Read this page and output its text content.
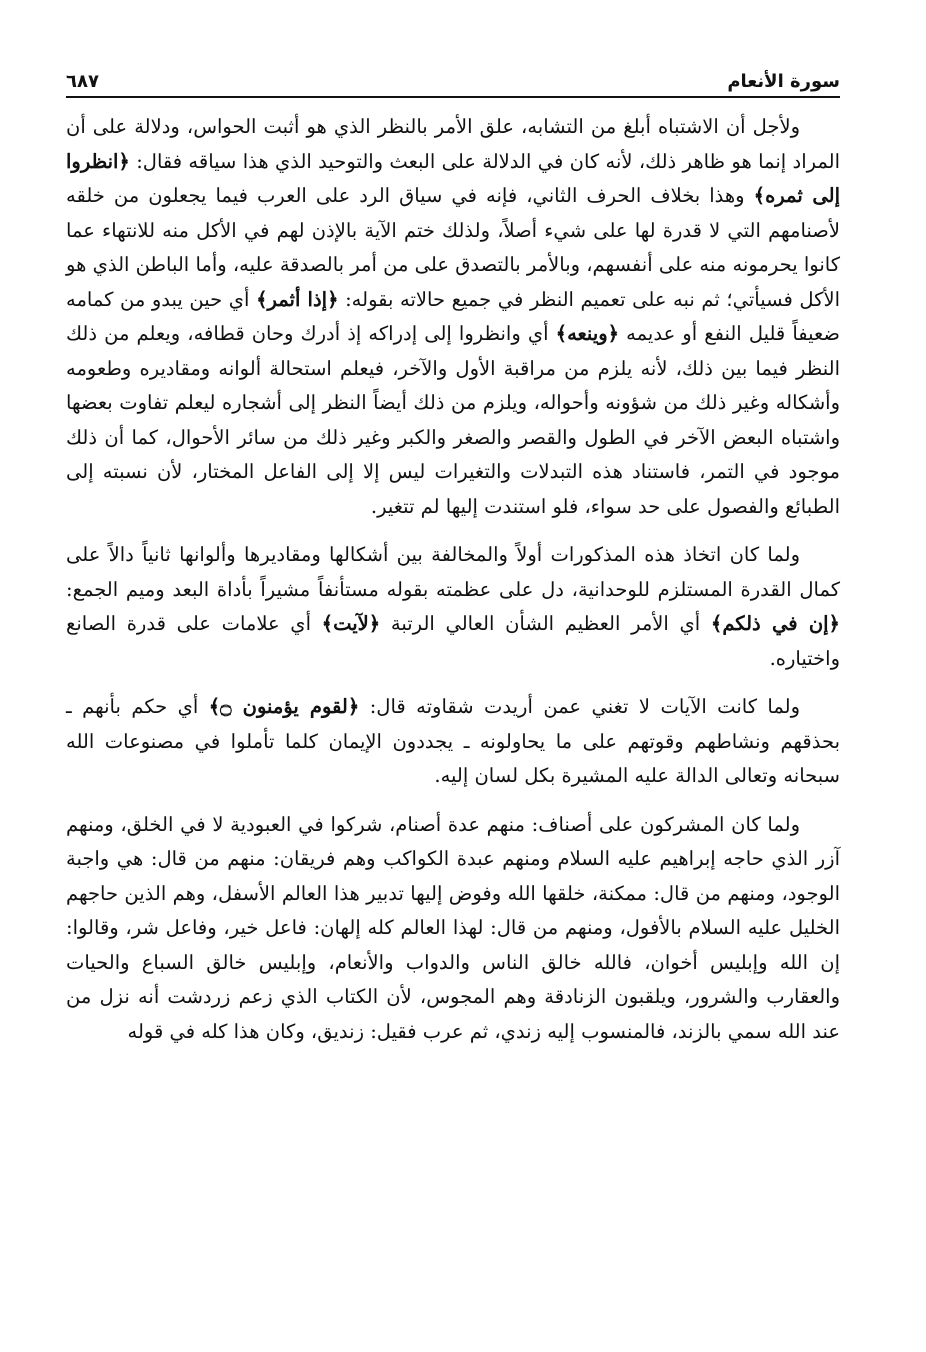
سورة الأنعام
٦٨٧

ولأجل أن الاشتباه أبلغ من التشابه، علق الأمر بالنظر الذي هو أثبت الحواس، ودلالة على أن المراد إنما هو ظاهر ذلك، لأنه كان في الدلالة على البعث والتوحيد الذي هذا سياقه فقال: ﴿انظروا إلى ثمره﴾ وهذا بخلاف الحرف الثاني، فإنه في سياق الرد على العرب فيما يجعلون من خلقه لأصنامهم التي لا قدرة لها على شيء أصلاً، ولذلك ختم الآية بالإذن لهم في الأكل منه للانتهاء عما كانوا يحرمونه منه على أنفسهم، وبالأمر بالتصدق على من أمر بالصدقة عليه، وأما الباطن الذي هو الأكل فسيأتي؛ ثم نبه على تعميم النظر في جميع حالاته بقوله: ﴿إذا أثمر﴾ أي حين يبدو من كمامه ضعيفاً قليل النفع أو عديمه ﴿وينعه﴾ أي وانظروا إلى إدراكه إذ أدرك وحان قطافه، ويعلم من ذلك النظر فيما بين ذلك، لأنه يلزم من مراقبة الأول والآخر، فيعلم استحالة ألوانه ومقاديره وطعومه وأشكاله وغير ذلك من شؤونه وأحواله، ويلزم من ذلك أيضاً النظر إلى أشجاره ليعلم تفاوت بعضها واشتباه البعض الآخر في الطول والقصر والصغر والكبر وغير ذلك من سائر الأحوال، كما أن ذلك موجود في التمر، فاستناد هذه التبدلات والتغيرات ليس إلا إلى الفاعل المختار، لأن نسبته إلى الطبائع والفصول على حد سواء، فلو استندت إليها لم تتغير.

ولما كان اتخاذ هذه المذكورات أولاً والمخالفة بين أشكالها ومقاديرها وألوانها ثانياً دالاً على كمال القدرة المستلزم للوحدانية، دل على عظمته بقوله مستأنفاً مشيراً بأداة البعد وميم الجمع: ﴿إن في ذلكم﴾ أي الأمر العظيم الشأن العالي الرتبة ﴿لآيت﴾ أي علامات على قدرة الصانع واختياره.

ولما كانت الآيات لا تغني عمن أريدت شقاوته قال: ﴿لقوم يؤمنون ۝﴾ أي حكم بأنهم ـ بحذقهم ونشاطهم وقوتهم على ما يحاولونه ـ يجددون الإيمان كلما تأملوا في مصنوعات الله سبحانه وتعالى الدالة عليه المشيرة بكل لسان إليه.

ولما كان المشركون على أصناف: منهم عدة أصنام، شركوا في العبودية لا في الخلق، ومنهم آزر الذي حاجه إبراهيم عليه السلام ومنهم عبدة الكواكب وهم فريقان: منهم من قال: هي واجبة الوجود، ومنهم من قال: ممكنة، خلقها الله وفوض إليها تدبير هذا العالم الأسفل، وهم الذين حاجهم الخليل عليه السلام بالأفول، ومنهم من قال: لهذا العالم كله إلهان: فاعل خير، وفاعل شر، وقالوا: إن الله وإبليس أخوان، فالله خالق الناس والدواب والأنعام، وإبليس خالق السباع والحيات والعقارب والشرور، ويلقبون الزنادقة وهم المجوس، لأن الكتاب الذي زعم زردشت أنه نزل من عند الله سمي بالزند، فالمنسوب إليه زندي، ثم عرب فقيل: زنديق، وكان هذا كله في قوله
